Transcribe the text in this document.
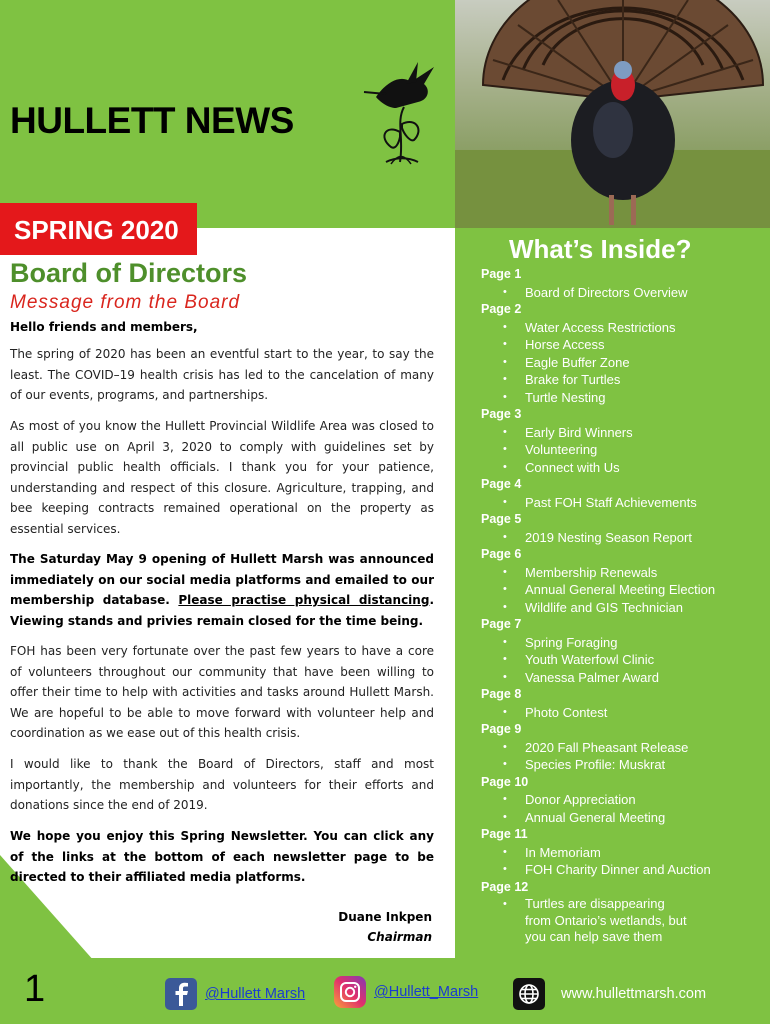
HULLETT NEWS
SPRING 2020
Board of Directors
Message from the Board
Hello friends and members,
The spring of 2020 has been an eventful start to the year, to say the least. The COVID–19 health crisis has led to the cancelation of many of our events, programs, and partnerships.
As most of you know the Hullett Provincial Wildlife Area was closed to all public use on April 3, 2020 to comply with guidelines set by provincial public health officials. I thank you for your patience, understanding and respect of this closure. Agriculture, trapping, and bee keeping contracts remained operational on the property as essential services.
The Saturday May 9 opening of Hullett Marsh was announced immediately on our social media platforms and emailed to our membership database. Please practise physical distancing. Viewing stands and privies remain closed for the time being.
FOH has been very fortunate over the past few years to have a core of volunteers throughout our community that have been willing to offer their time to help with activities and tasks around Hullett Marsh. We are hopeful to be able to move forward with volunteer help and coordination as we ease out of this health crisis.
I would like to thank the Board of Directors, staff and most importantly, the membership and volunteers for their efforts and donations since the end of 2019.
We hope you enjoy this Spring Newsletter. You can click any of the links at the bottom of each newsletter page to be directed to their affiliated media platforms.
Duane Inkpen
Chairman
What’s Inside?
Page 1
• Board of Directors Overview
Page 2
• Water Access Restrictions
• Horse Access
• Eagle Buffer Zone
• Brake for Turtles
• Turtle Nesting
Page 3
• Early Bird Winners
• Volunteering
• Connect with Us
Page 4
• Past FOH Staff Achievements
Page 5
• 2019 Nesting Season Report
Page 6
• Membership Renewals
• Annual General Meeting Election
• Wildlife and GIS Technician
Page 7
• Spring Foraging
• Youth Waterfowl Clinic
• Vanessa Palmer Award
Page 8
• Photo Contest
Page 9
• 2020 Fall Pheasant Release
• Species Profile: Muskrat
Page 10
• Donor Appreciation
• Annual General Meeting
Page 11
• In Memoriam
• FOH Charity Dinner and Auction
Page 12
• Turtles are disappearing from Ontario’s wetlands, but you can help save them
1	@Hullett Marsh	@Hullett_Marsh	www.hullettmarsh.com
